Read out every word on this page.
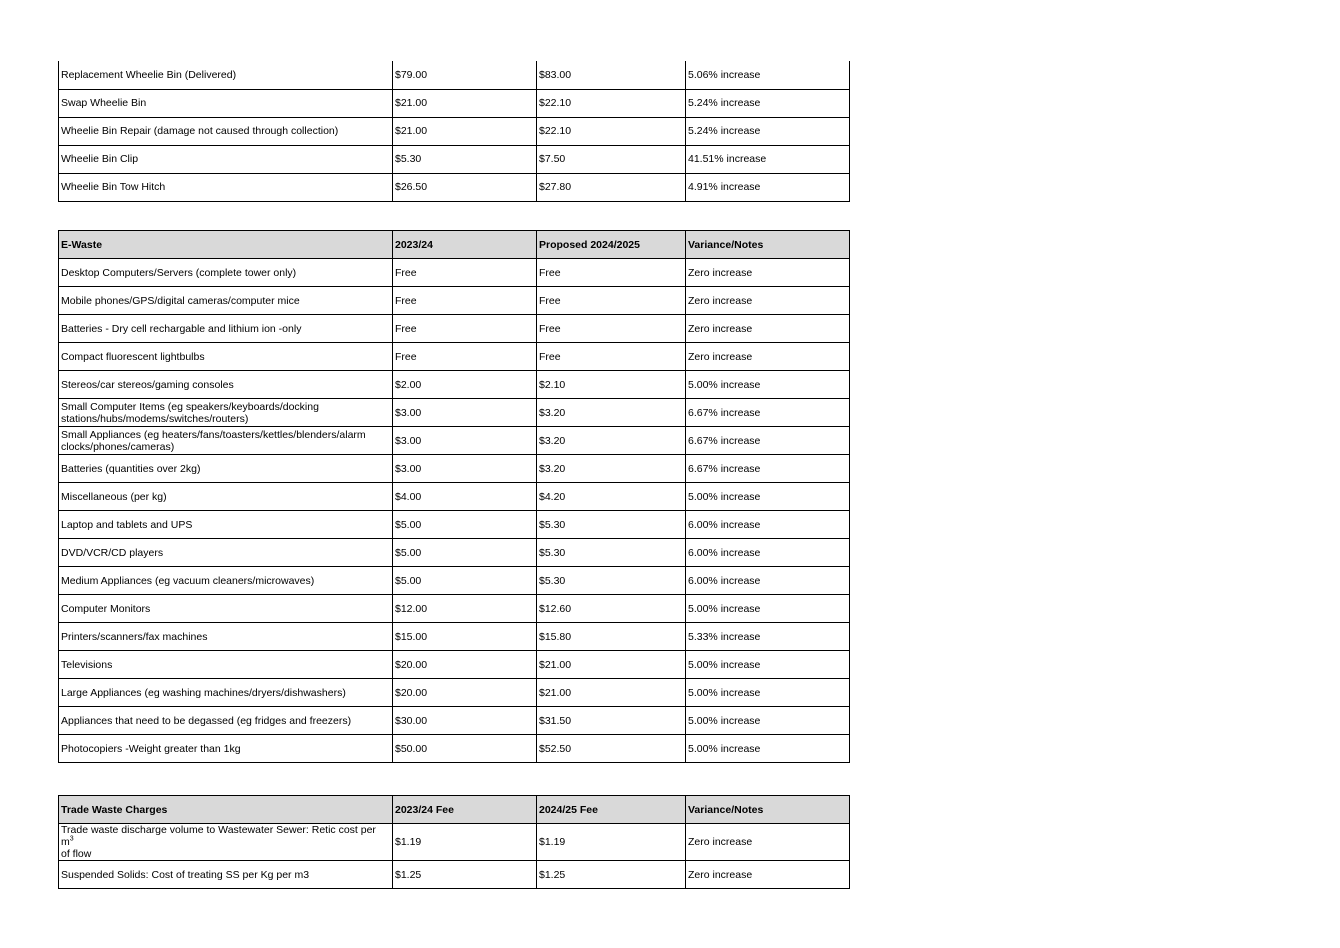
Replacement Wheelie Bin (Delivered)	$79.00	$83.00	5.06% increase
Swap Wheelie Bin	$21.00	$22.10	5.24% increase
Wheelie Bin Repair (damage not caused through collection)	$21.00	$22.10	5.24% increase
Wheelie Bin Clip	$5.30	$7.50	41.51% increase
Wheelie Bin Tow Hitch	$26.50	$27.80	4.91% increase
E-Waste	2023/24	Proposed 2024/2025	Variance/Notes
Desktop Computers/Servers (complete tower only)	Free	Free	Zero increase
Mobile phones/GPS/digital cameras/computer mice	Free	Free	Zero increase
Batteries - Dry cell rechargable and lithium ion -only	Free	Free	Zero increase
Compact fluorescent lightbulbs	Free	Free	Zero increase
Stereos/car stereos/gaming consoles	$2.00	$2.10	5.00% increase
Small Computer Items (eg speakers/keyboards/docking stations/hubs/modems/switches/routers)	$3.00	$3.20	6.67% increase
Small Appliances (eg heaters/fans/toasters/kettles/blenders/alarm clocks/phones/cameras)	$3.00	$3.20	6.67% increase
Batteries (quantities over 2kg)	$3.00	$3.20	6.67% increase
Miscellaneous (per kg)	$4.00	$4.20	5.00% increase
Laptop and tablets and UPS	$5.00	$5.30	6.00% increase
DVD/VCR/CD players	$5.00	$5.30	6.00% increase
Medium Appliances (eg vacuum cleaners/microwaves)	$5.00	$5.30	6.00% increase
Computer Monitors	$12.00	$12.60	5.00% increase
Printers/scanners/fax machines	$15.00	$15.80	5.33% increase
Televisions	$20.00	$21.00	5.00% increase
Large Appliances (eg washing machines/dryers/dishwashers)	$20.00	$21.00	5.00% increase
Appliances that need to be degassed (eg fridges and freezers)	$30.00	$31.50	5.00% increase
Photocopiers -Weight greater than 1kg	$50.00	$52.50	5.00% increase
Trade Waste Charges	2023/24 Fee	2024/25 Fee	Variance/Notes
Trade waste discharge volume to Wastewater Sewer: Retic cost per $m^3$
of flow	$1.19	$1.19	Zero increase
Suspended Solids: Cost of treating SS per Kg per m3	$1.25	$1.25	Zero increase
